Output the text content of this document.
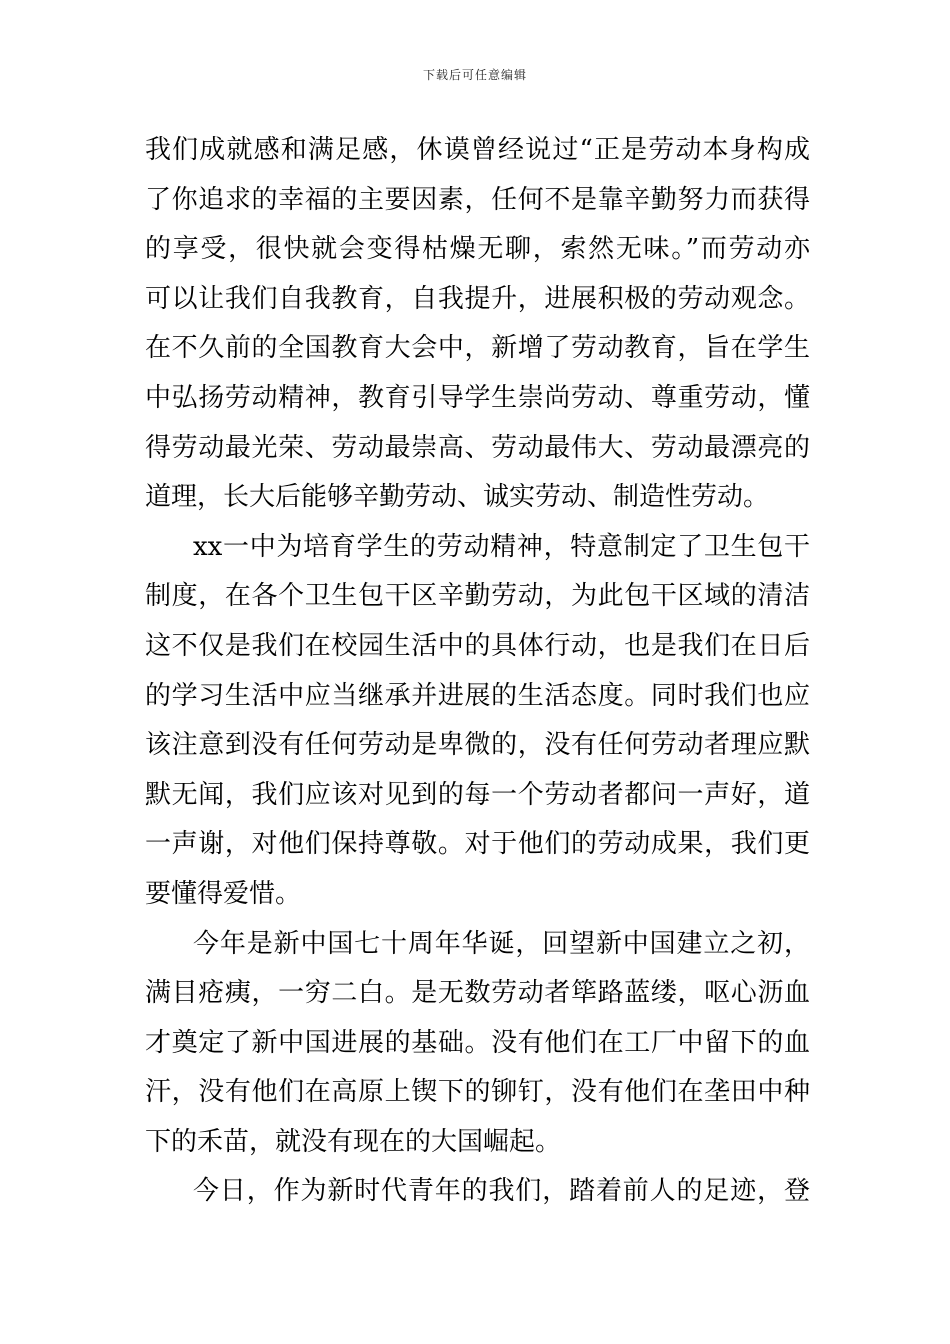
下载后可任意编辑
我们成就感和满足感，休谟曾经说过“正是劳动本身构成
了你追求的幸福的主要因素，任何不是靠辛勤努力而获得
的享受，很快就会变得枯燥无聊，索然无味。”而劳动亦
可以让我们自我教育，自我提升，进展积极的劳动观念。
在不久前的全国教育大会中，新增了劳动教育，旨在学生
中弘扬劳动精神，教育引导学生崇尚劳动、尊重劳动，懂
得劳动最光荣、劳动最崇高、劳动最伟大、劳动最漂亮的
道理，长大后能够辛勤劳动、诚实劳动、制造性劳动。
xx一中为培育学生的劳动精神，特意制定了卫生包干
制度，在各个卫生包干区辛勤劳动，为此包干区域的清洁
这不仅是我们在校园生活中的具体行动，也是我们在日后
的学习生活中应当继承并进展的生活态度。同时我们也应
该注意到没有任何劳动是卑微的，没有任何劳动者理应默
默无闻，我们应该对见到的每一个劳动者都问一声好，道
一声谢，对他们保持尊敬。对于他们的劳动成果，我们更
要懂得爱惜。
今年是新中国七十周年华诞，回望新中国建立之初，
满目疮痍，一穷二白。是无数劳动者筚路蓝缕，呕心沥血
才奠定了新中国进展的基础。没有他们在工厂中留下的血
汗，没有他们在高原上锲下的铆钉，没有他们在垄田中种
下的禾苗，就没有现在的大国崛起。
今日，作为新时代青年的我们，踏着前人的足迹，登
